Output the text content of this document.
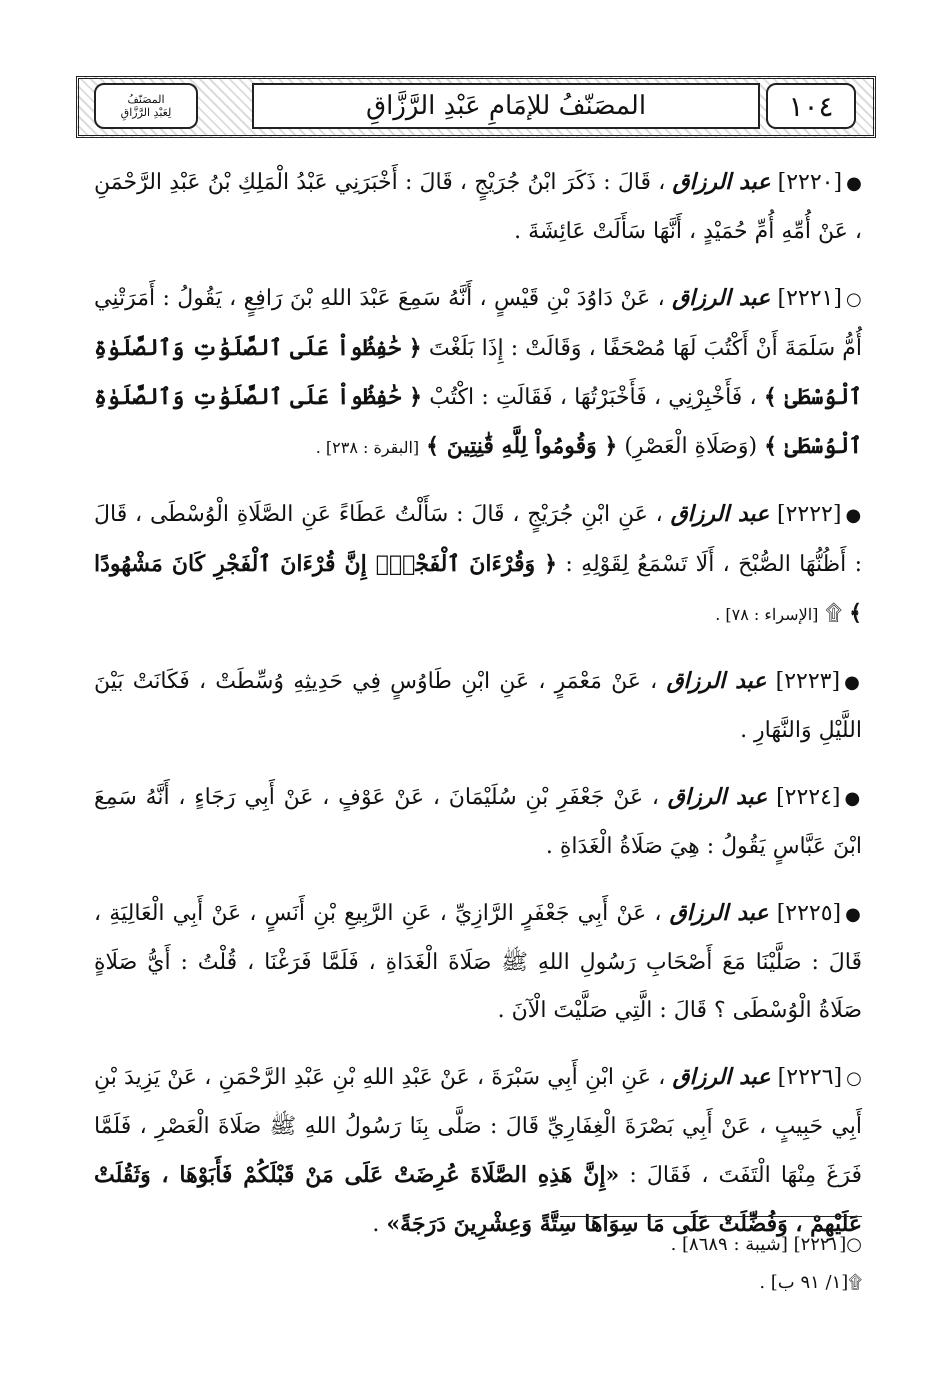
المصَنّفُ
لِعَبْدِ الرَّزَّاقِ	المصَنّفُ للإمَامِ عَبْدِ الرَّزَّاقِ	١٠٤

●[٢٢٢٠] عبد الرزاق ، قَالَ : ذَكَرَ ابْنُ جُرَيْجٍ ، قَالَ : أَخْبَرَنِي عَبْدُ الْمَلِكِ بْنُ عَبْدِ الرَّحْمَنِ ، عَنْ أُمِّهِ أُمِّ حُمَيْدٍ ، أَنَّهَا سَأَلَتْ عَائِشَةَ .

○[٢٢٢١] عبد الرزاق ، عَنْ دَاوُدَ بْنِ قَيْسٍ ، أَنَّهُ سَمِعَ عَبْدَ اللهِ بْنَ رَافِعٍ ، يَقُولُ : أَمَرَتْنِي أُمُّ سَلَمَةَ أَنْ أَكْتُبَ لَهَا مُصْحَفًا ، وَقَالَتْ : إِذَا بَلَغْتَ ﴿ حَٰفِظُواْ عَلَى ٱلصَّلَوَٰتِ وَٱلصَّلَوٰةِ ٱلْوُسْطَىٰ ﴾ ، فَأَخْبِرْنِي ، فَأَخْبَرْتُهَا ، فَقَالَتِ : اكْتُبْ ﴿ حَٰفِظُواْ عَلَى ٱلصَّلَوَٰتِ وَٱلصَّلَوٰةِ ٱلْوُسْطَىٰ ﴾ (وَصَلَاةِ الْعَصْرِ) ﴿ وَقُومُواْ لِلَّهِ قَٰنِتِينَ ﴾ [البقرة : ٢٣٨] .

●[٢٢٢٢] عبد الرزاق ، عَنِ ابْنِ جُرَيْجٍ ، قَالَ : سَأَلْتُ عَطَاءً عَنِ الصَّلَاةِ الْوُسْطَى ، قَالَ : أَظُنُّهَا الصُّبْحَ ، أَلَا تَسْمَعُ لِقَوْلِهِ : ﴿ وَقُرْءَانَ ٱلْفَجْرِۖ إِنَّ قُرْءَانَ ٱلْفَجْرِ كَانَ مَشْهُودًا ﴾ ۩ [الإسراء : ٧٨] .

●[٢٢٢٣] عبد الرزاق ، عَنْ مَعْمَرٍ ، عَنِ ابْنِ طَاوُسٍ فِي حَدِيثِهِ وُسِّطَتْ ، فَكَانَتْ بَيْنَ اللَّيْلِ وَالنَّهَارِ .

●[٢٢٢٤] عبد الرزاق ، عَنْ جَعْفَرِ بْنِ سُلَيْمَانَ ، عَنْ عَوْفٍ ، عَنْ أَبِي رَجَاءٍ ، أَنَّهُ سَمِعَ ابْنَ عَبَّاسٍ يَقُولُ : هِيَ صَلَاةُ الْغَدَاةِ .

●[٢٢٢٥] عبد الرزاق ، عَنْ أَبِي جَعْفَرٍ الرَّازِيِّ ، عَنِ الرَّبِيعِ بْنِ أَنَسٍ ، عَنْ أَبِي الْعَالِيَةِ ، قَالَ : صَلَّيْنَا مَعَ أَصْحَابِ رَسُولِ اللهِ ﷺ صَلَاةَ الْغَدَاةِ ، فَلَمَّا فَرَغْنَا ، قُلْتُ : أَيُّ صَلَاةٍ صَلَاةُ الْوُسْطَى ؟ قَالَ : الَّتِي صَلَّيْتَ الْآنَ .

○[٢٢٢٦] عبد الرزاق ، عَنِ ابْنِ أَبِي سَبْرَةَ ، عَنْ عَبْدِ اللهِ بْنِ عَبْدِ الرَّحْمَنِ ، عَنْ يَزِيدَ بْنِ أَبِي حَبِيبٍ ، عَنْ أَبِي بَصْرَةَ الْغِفَارِيِّ قَالَ : صَلَّى بِنَا رَسُولُ اللهِ ﷺ صَلَاةَ الْعَصْرِ ، فَلَمَّا فَرَغَ مِنْهَا الْتَفَتَ ، فَقَالَ : «إِنَّ هَذِهِ الصَّلَاةَ عُرِضَتْ عَلَى مَنْ قَبْلَكُمْ فَأَبَوْهَا ، وَثَقُلَتْ عَلَيْهِمْ ، وَفُضِّلَتْ عَلَى مَا سِوَاهَا سِتَّةً وَعِشْرِينَ دَرَجَةً» .

○[٢٢٢١] [شيبة : ٨٦٨٩] .
۩[١/ ٩١ ب] .
